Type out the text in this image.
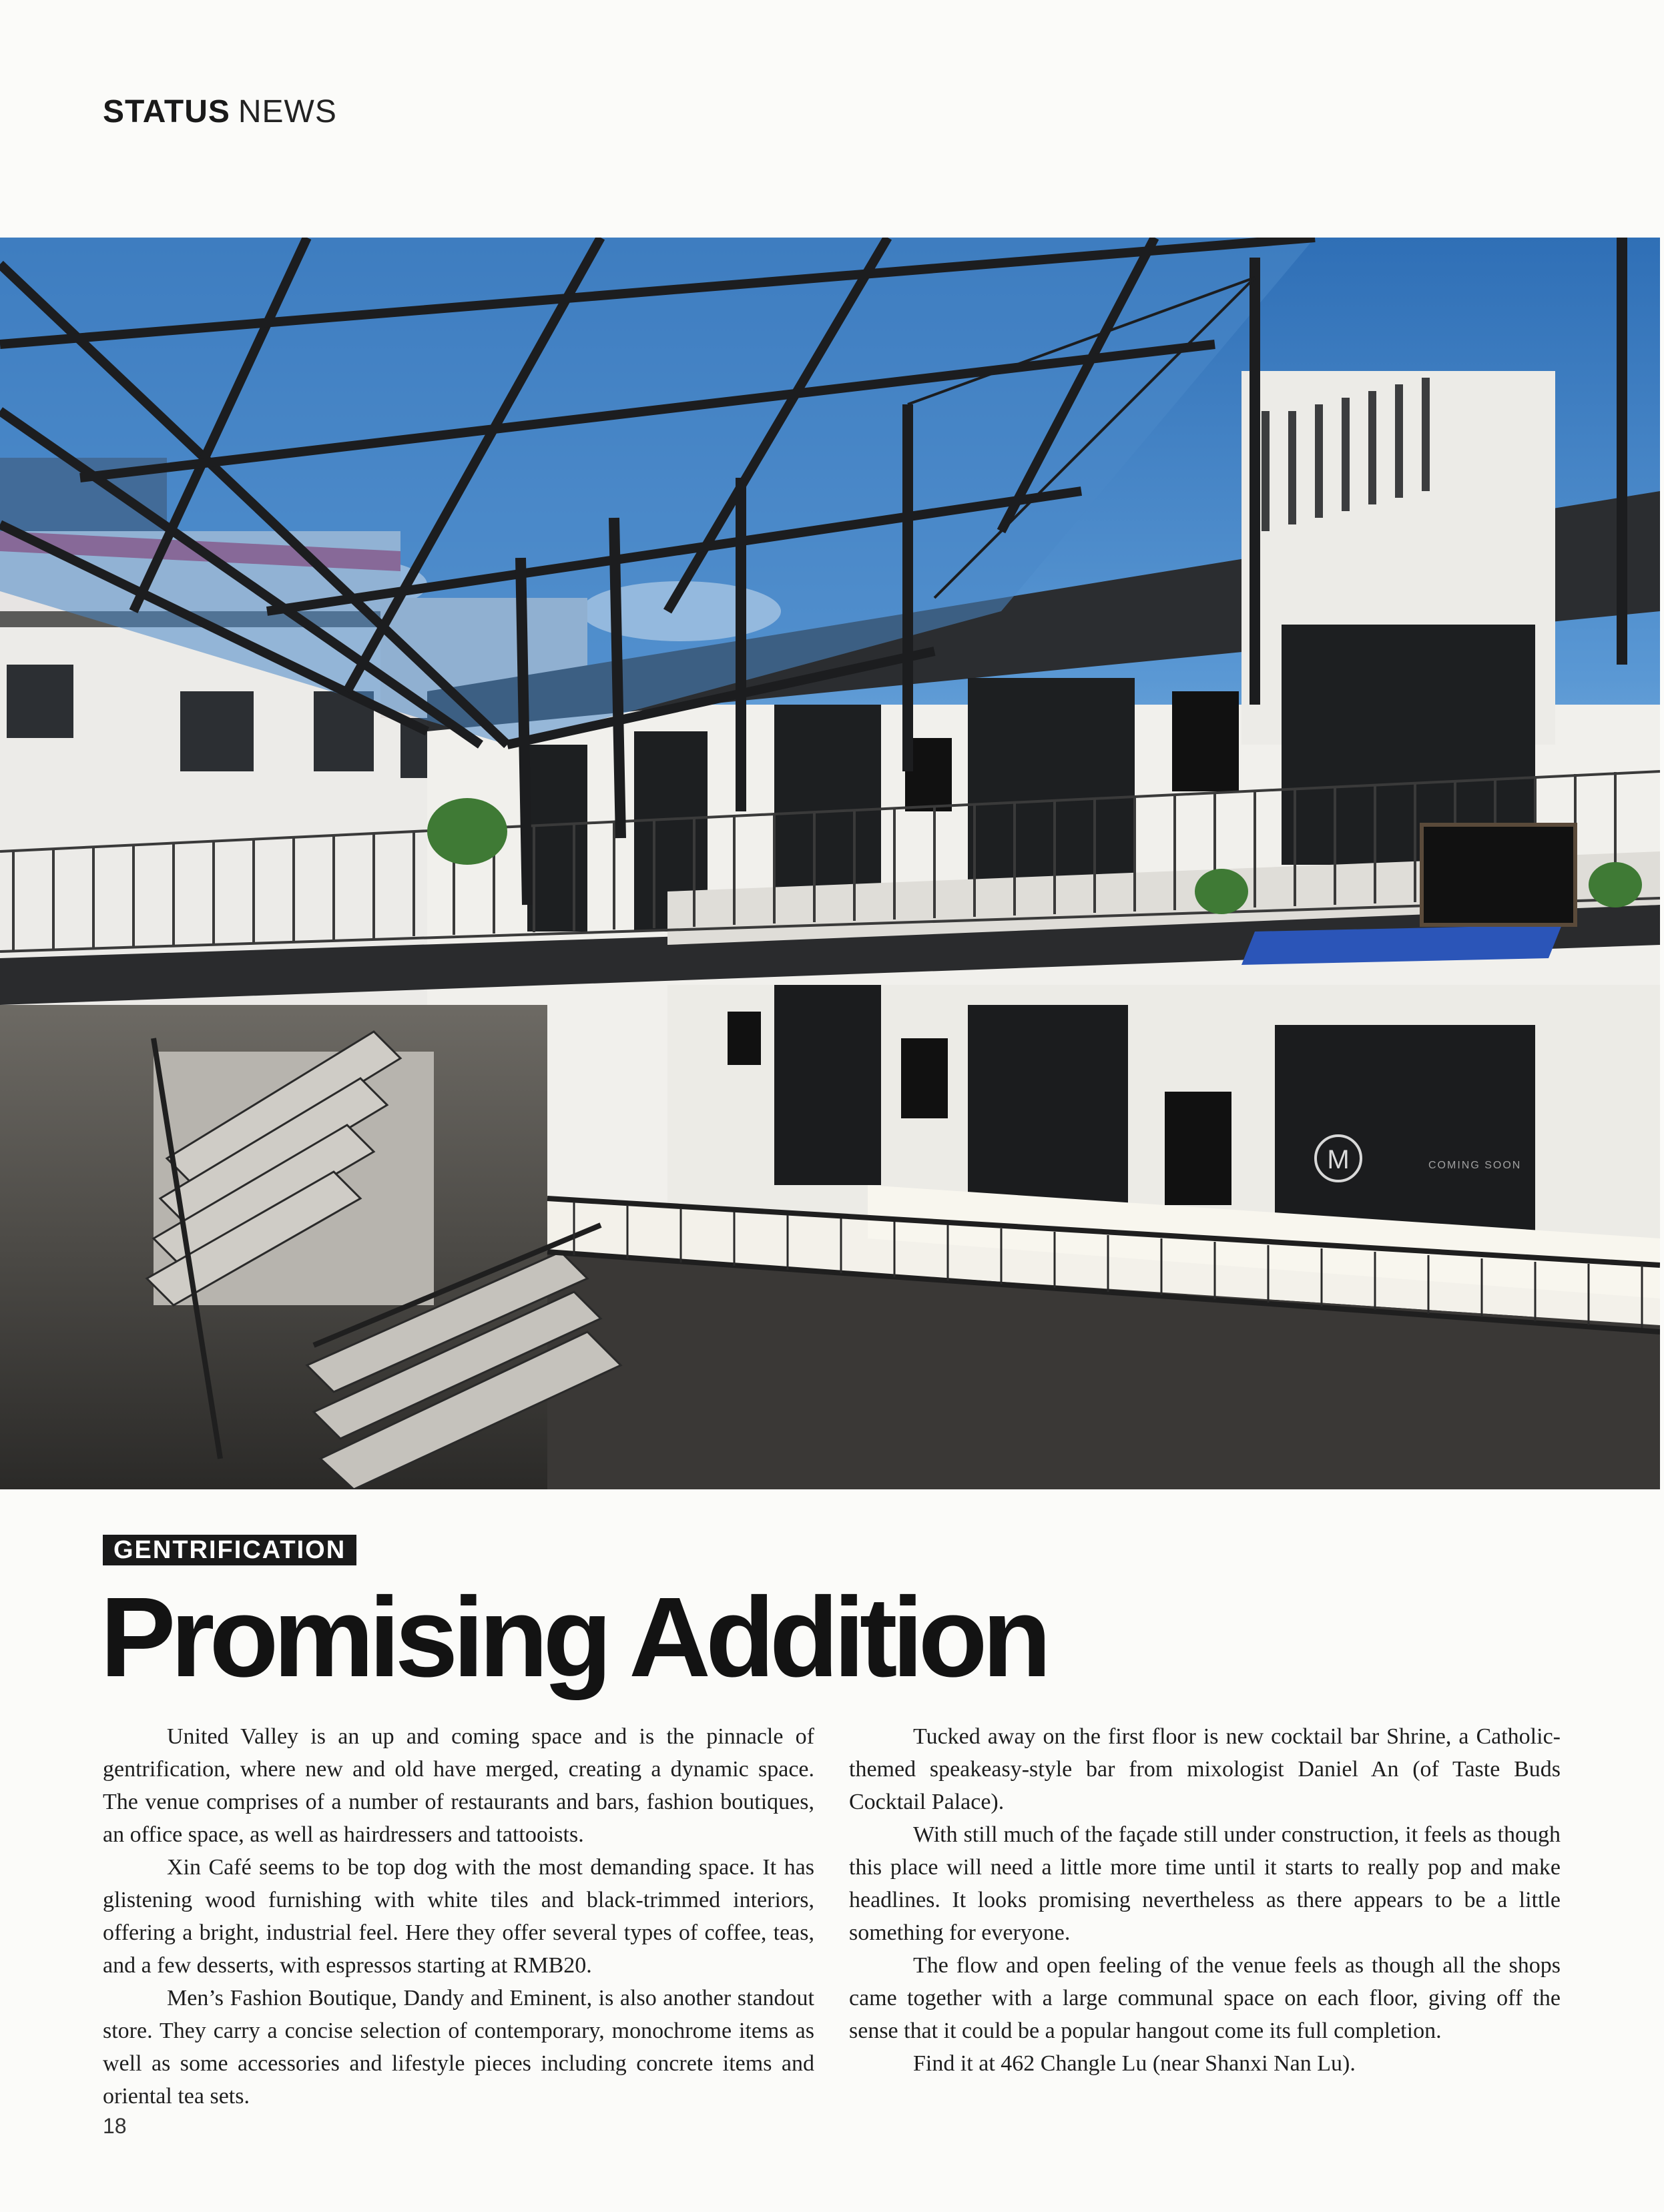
STATUS NEWS
M	COMING SOON
GENTRIFICATION
Promising Addition

United Valley is an up and coming space and is the pinnacle of gentrification, where new and old have merged, creating a dynamic space. The venue comprises of a number of restaurants and bars, fashion boutiques, an office space, as well as hairdressers and tattooists.

Xin Café seems to be top dog with the most demanding space. It has glistening wood furnishing with white tiles and black-trimmed interiors, offering a bright, industrial feel. Here they offer several types of coffee, teas, and a few desserts, with espressos starting at RMB20.

Men’s Fashion Boutique, Dandy and Eminent, is also another standout store. They carry a concise selection of contemporary, monochrome items as well as some accessories and lifestyle pieces including concrete items and oriental tea sets.

Tucked away on the first floor is new cocktail bar Shrine, a Catholic-themed speakeasy-style bar from mixologist Daniel An (of Taste Buds Cocktail Palace).

With still much of the façade still under construction, it feels as though this place will need a little more time until it starts to really pop and make headlines. It looks promising nevertheless as there appears to be a little something for everyone.

The flow and open feeling of the venue feels as though all the shops came together with a large communal space on each floor, giving off the sense that it could be a popular hangout come its full completion.

Find it at 462 Changle Lu (near Shanxi Nan Lu).

18
